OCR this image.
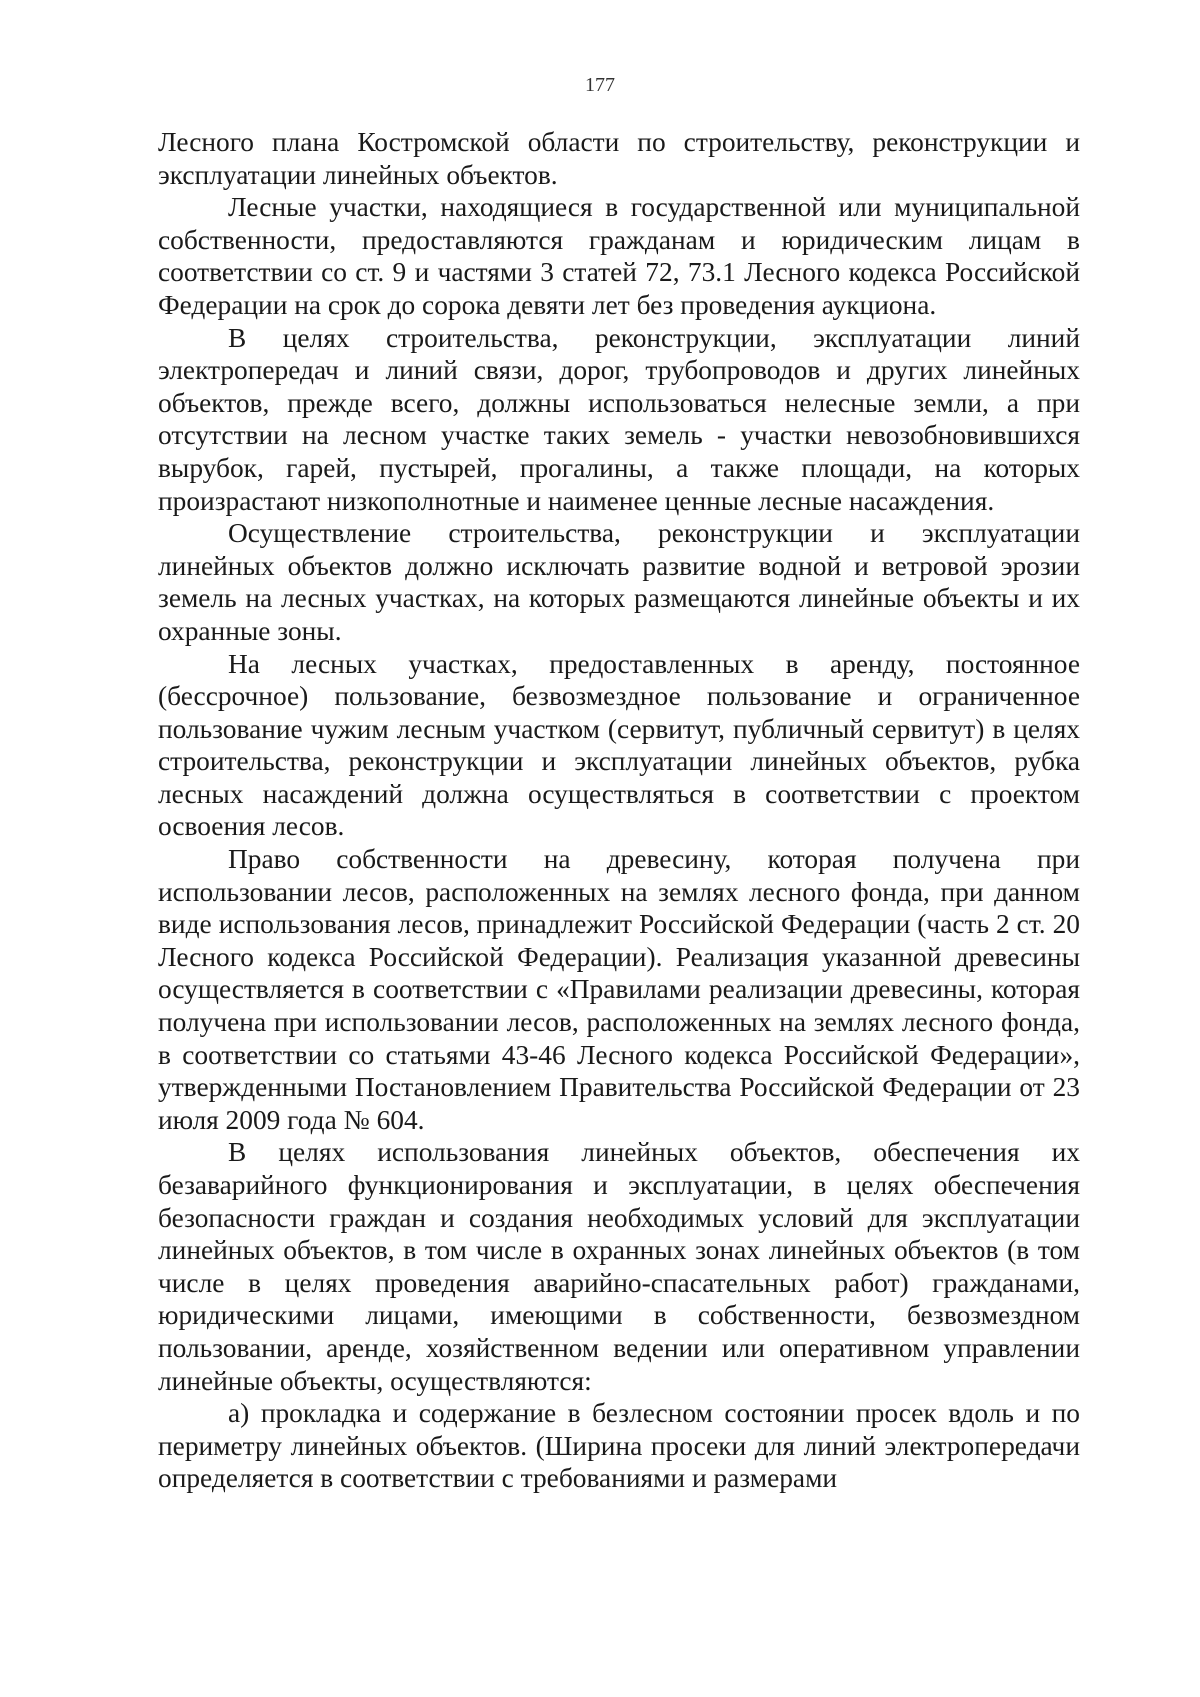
177

Лесного плана Костромской области по строительству, реконструкции и эксплуатации линейных объектов.

Лесные участки, находящиеся в государственной или муниципальной собственности, предоставляются гражданам и юридическим лицам в соответствии со ст. 9 и частями 3 статей 72, 73.1 Лесного кодекса Российской Федерации на срок до сорока девяти лет без проведения аукциона.

В целях строительства, реконструкции, эксплуатации линий электропередач и линий связи, дорог, трубопроводов и других линейных объектов, прежде всего, должны использоваться нелесные земли, а при отсутствии на лесном участке таких земель - участки невозобновившихся вырубок, гарей, пустырей, прогалины, а также площади, на которых произрастают низкополнотные и наименее ценные лесные насаждения.

Осуществление строительства, реконструкции и эксплуатации линейных объектов должно исключать развитие водной и ветровой эрозии земель на лесных участках, на которых размещаются линейные объекты и их охранные зоны.

На лесных участках, предоставленных в аренду, постоянное (бессрочное) пользование, безвозмездное пользование и ограниченное пользование чужим лесным участком (сервитут, публичный сервитут) в целях строительства, реконструкции и эксплуатации линейных объектов, рубка лесных насаждений должна осуществляться в соответствии с проектом освоения лесов.

Право собственности на древесину, которая получена при использовании лесов, расположенных на землях лесного фонда, при данном виде использования лесов, принадлежит Российской Федерации (часть 2 ст. 20 Лесного кодекса Российской Федерации). Реализация указанной древесины осуществляется в соответствии с «Правилами реализации древесины, которая получена при использовании лесов, расположенных на землях лесного фонда, в соответствии со статьями 43-46 Лесного кодекса Российской Федерации», утвержденными Постановлением Правительства Российской Федерации от 23 июля 2009 года № 604.

В целях использования линейных объектов, обеспечения их безаварийного функционирования и эксплуатации, в целях обеспечения безопасности граждан и создания необходимых условий для эксплуатации линейных объектов, в том числе в охранных зонах линейных объектов (в том числе в целях проведения аварийно-спасательных работ) гражданами, юридическими лицами, имеющими в собственности, безвозмездном пользовании, аренде, хозяйственном ведении или оперативном управлении линейные объекты, осуществляются:

а) прокладка и содержание в безлесном состоянии просек вдоль и по периметру линейных объектов. (Ширина просеки для линий электропередачи определяется в соответствии с требованиями и размерами
